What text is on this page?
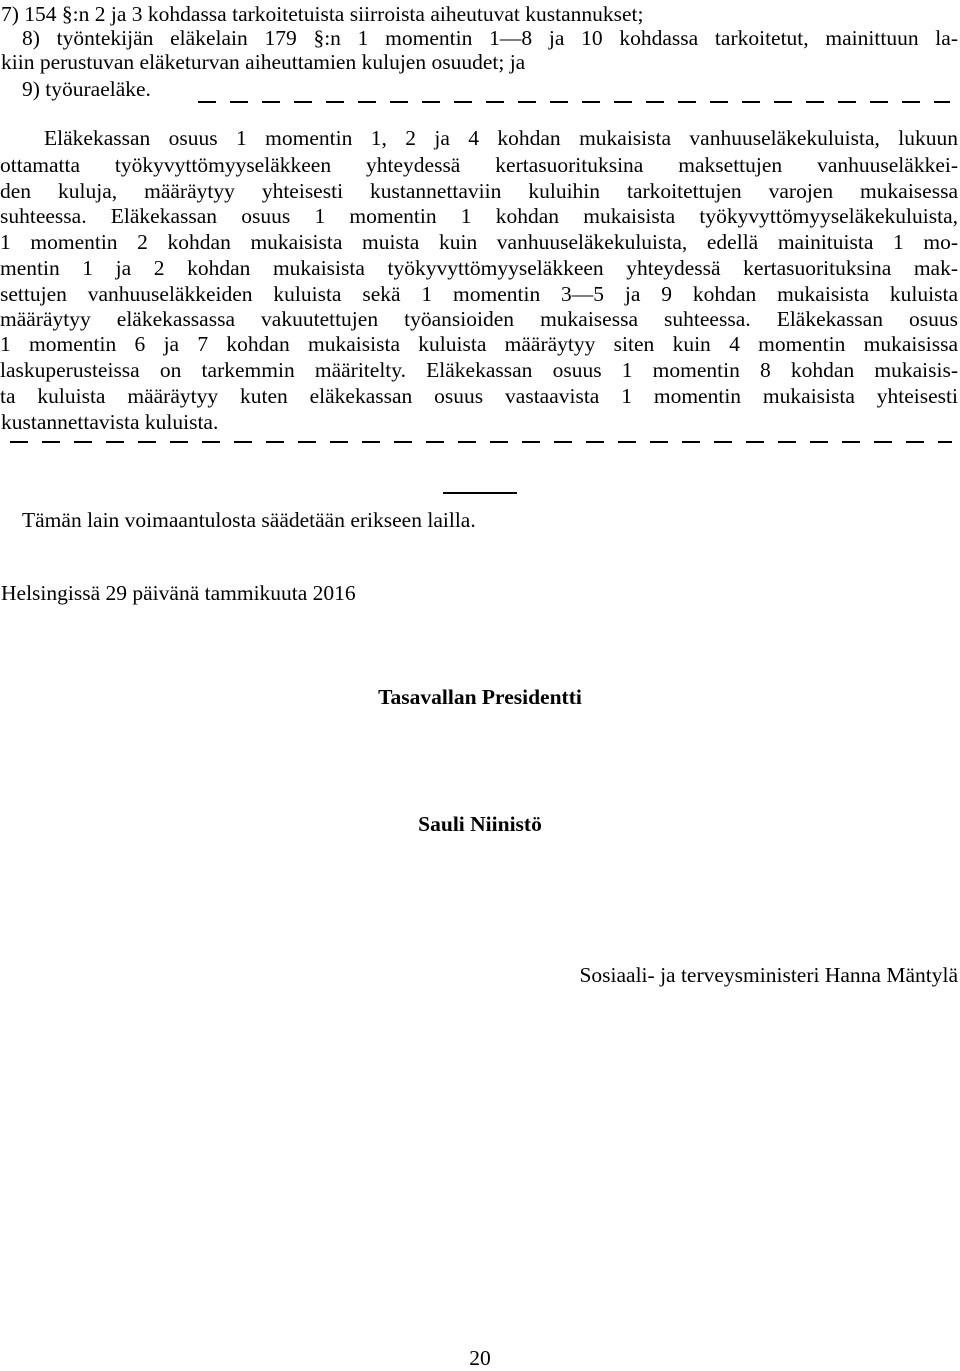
7) 154 §:n 2 ja 3 kohdassa tarkoitetuista siirroista aiheutuvat kustannukset;
8) työntekijän eläkelain 179 §:n 1 momentin 1—8 ja 10 kohdassa tarkoitetut, mainittuun la-
kiin perustuvan eläketurvan aiheuttamien kulujen osuudet; ja
9) työuraeläke.
Eläkekassan osuus 1 momentin 1, 2 ja 4 kohdan mukaisista vanhuuseläkekuluista, lukuun
ottamatta työkyvyttömyyseläkkeen yhteydessä kertasuorituksina maksettujen vanhuuseläkkei-
den kuluja, määräytyy yhteisesti kustannettaviin kuluihin tarkoitettujen varojen mukaisessa
suhteessa. Eläkekassan osuus 1 momentin 1 kohdan mukaisista työkyvyttömyyseläkekuluista,
1 momentin 2 kohdan mukaisista muista kuin vanhuuseläkekuluista, edellä mainituista 1 mo-
mentin 1 ja 2 kohdan mukaisista työkyvyttömyyseläkkeen yhteydessä kertasuorituksina mak-
settujen vanhuuseläkkeiden kuluista sekä 1 momentin 3—5 ja 9 kohdan mukaisista kuluista
määräytyy eläkekassassa vakuutettujen työansioiden mukaisessa suhteessa. Eläkekassan osuus
1 momentin 6 ja 7 kohdan mukaisista kuluista määräytyy siten kuin 4 momentin mukaisissa
laskuperusteissa on tarkemmin määritelty. Eläkekassan osuus 1 momentin 8 kohdan mukaisis-
ta kuluista määräytyy kuten eläkekassan osuus vastaavista 1 momentin mukaisista yhteisesti
kustannettavista kuluista.
Tämän lain voimaantulosta säädetään erikseen lailla.
Helsingissä 29 päivänä tammikuuta 2016
Tasavallan Presidentti
Sauli Niinistö
Sosiaali- ja terveysministeri Hanna Mäntylä
20
